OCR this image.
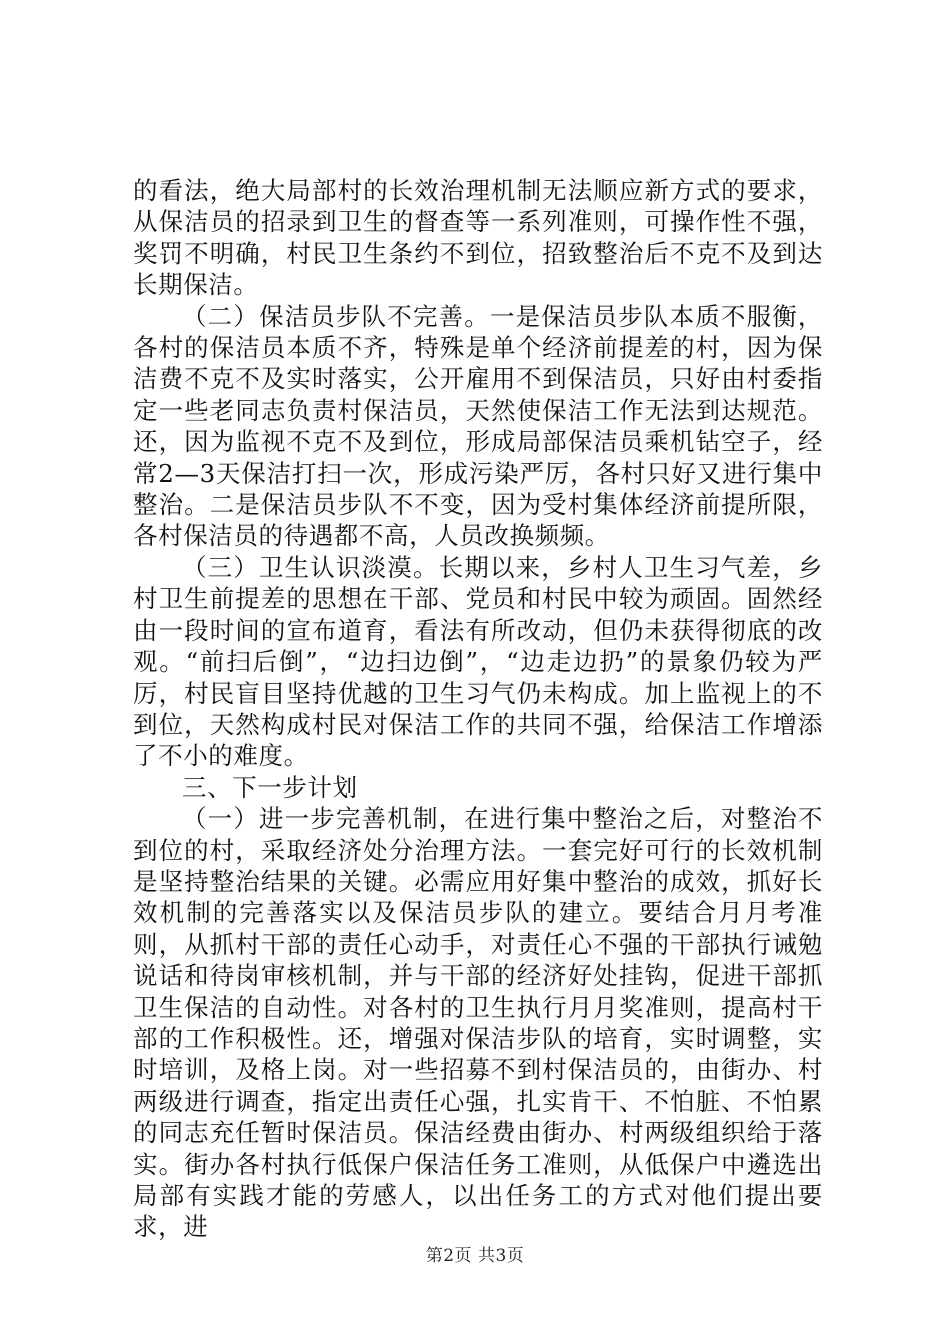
的看法，绝大局部村的长效治理机制无法顺应新方式的要求，从保洁员的招录到卫生的督查等一系列准则，可操作性不强，奖罚不明确，村民卫生条约不到位，招致整治后不克不及到达长期保洁。

（二）保洁员步队不完善。一是保洁员步队本质不服衡，各村的保洁员本质不齐，特殊是单个经济前提差的村，因为保洁费不克不及实时落实，公开雇用不到保洁员，只好由村委指定一些老同志负责村保洁员，天然使保洁工作无法到达规范。还，因为监视不克不及到位，形成局部保洁员乘机钻空子，经常2—3天保洁打扫一次，形成污染严厉，各村只好又进行集中整治。二是保洁员步队不不变，因为受村集体经济前提所限，各村保洁员的待遇都不高，人员改换频频。

（三）卫生认识淡漠。长期以来，乡村人卫生习气差，乡村卫生前提差的思想在干部、党员和村民中较为顽固。固然经由一段时间的宣布道育，看法有所改动，但仍未获得彻底的改观。“前扫后倒”，“边扫边倒”，“边走边扔”的景象仍较为严厉，村民盲目坚持优越的卫生习气仍未构成。加上监视上的不到位，天然构成村民对保洁工作的共同不强，给保洁工作增添了不小的难度。

三、下一步计划

（一）进一步完善机制，在进行集中整治之后，对整治不到位的村，采取经济处分治理方法。一套完好可行的长效机制是坚持整治结果的关键。必需应用好集中整治的成效，抓好长效机制的完善落实以及保洁员步队的建立。要结合月月考准则，从抓村干部的责任心动手，对责任心不强的干部执行诫勉说话和待岗审核机制，并与干部的经济好处挂钩，促进干部抓卫生保洁的自动性。对各村的卫生执行月月奖准则，提高村干部的工作积极性。还，增强对保洁步队的培育，实时调整，实时培训，及格上岗。对一些招募不到村保洁员的，由街办、村两级进行调查，指定出责任心强，扎实肯干、不怕脏、不怕累的同志充任暂时保洁员。保洁经费由街办、村两级组织给于落实。街办各村执行低保户保洁任务工准则，从低保户中遴选出局部有实践才能的劳感人，以出任务工的方式对他们提出要求，进

第2页 共3页
